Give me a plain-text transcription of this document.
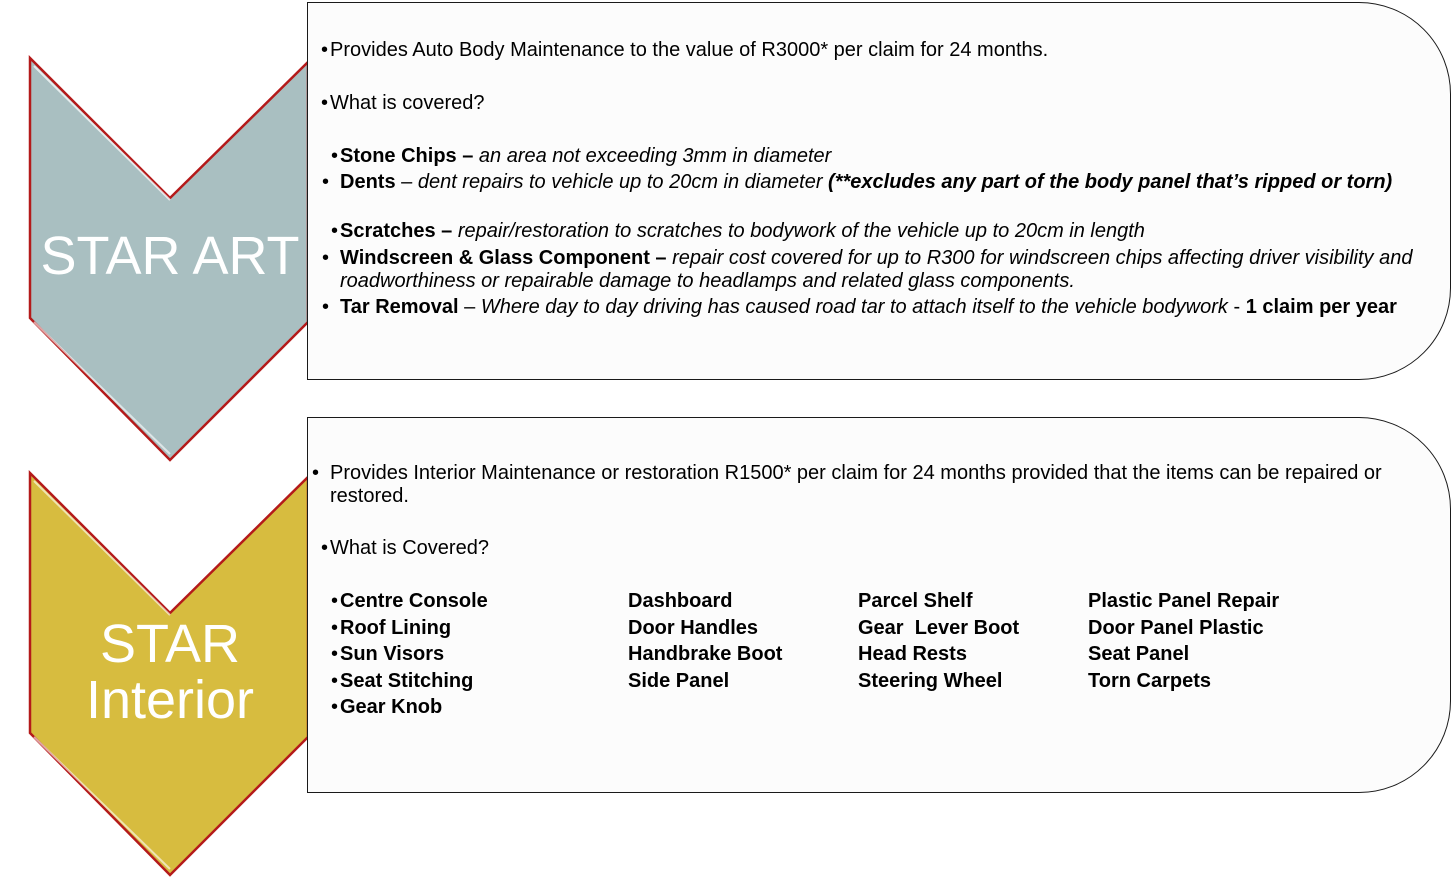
STAR ART
STAR
Interior
•Provides Auto Body Maintenance to the value of R3000* per claim for 24 months.
•What is covered?
•Stone Chips – an area not exceeding 3mm in diameter
• Dents – dent repairs to vehicle up to 20cm in diameter (**excludes any part of the body panel that’s ripped or torn)
•Scratches – repair/restoration to scratches to bodywork of the vehicle up to 20cm in length
• Windscreen & Glass Component – repair cost covered for up to R300 for windscreen chips affecting driver visibility and roadworthiness or repairable damage to headlamps and related glass components.
• Tar Removal – Where day to day driving has caused road tar to attach itself to the vehicle bodywork - 1 claim per year
• Provides Interior Maintenance or restoration R1500* per claim for 24 months provided that the items can be repaired or restored.
•What is Covered?
•Centre Console
•Roof Lining
•Sun Visors
•Seat Stitching
•Gear Knob
Dashboard
Door Handles
Handbrake Boot
Side Panel
Parcel Shelf
Gear  Lever Boot
Head Rests
Steering Wheel
Plastic Panel Repair
Door Panel Plastic
Seat Panel
Torn Carpets
